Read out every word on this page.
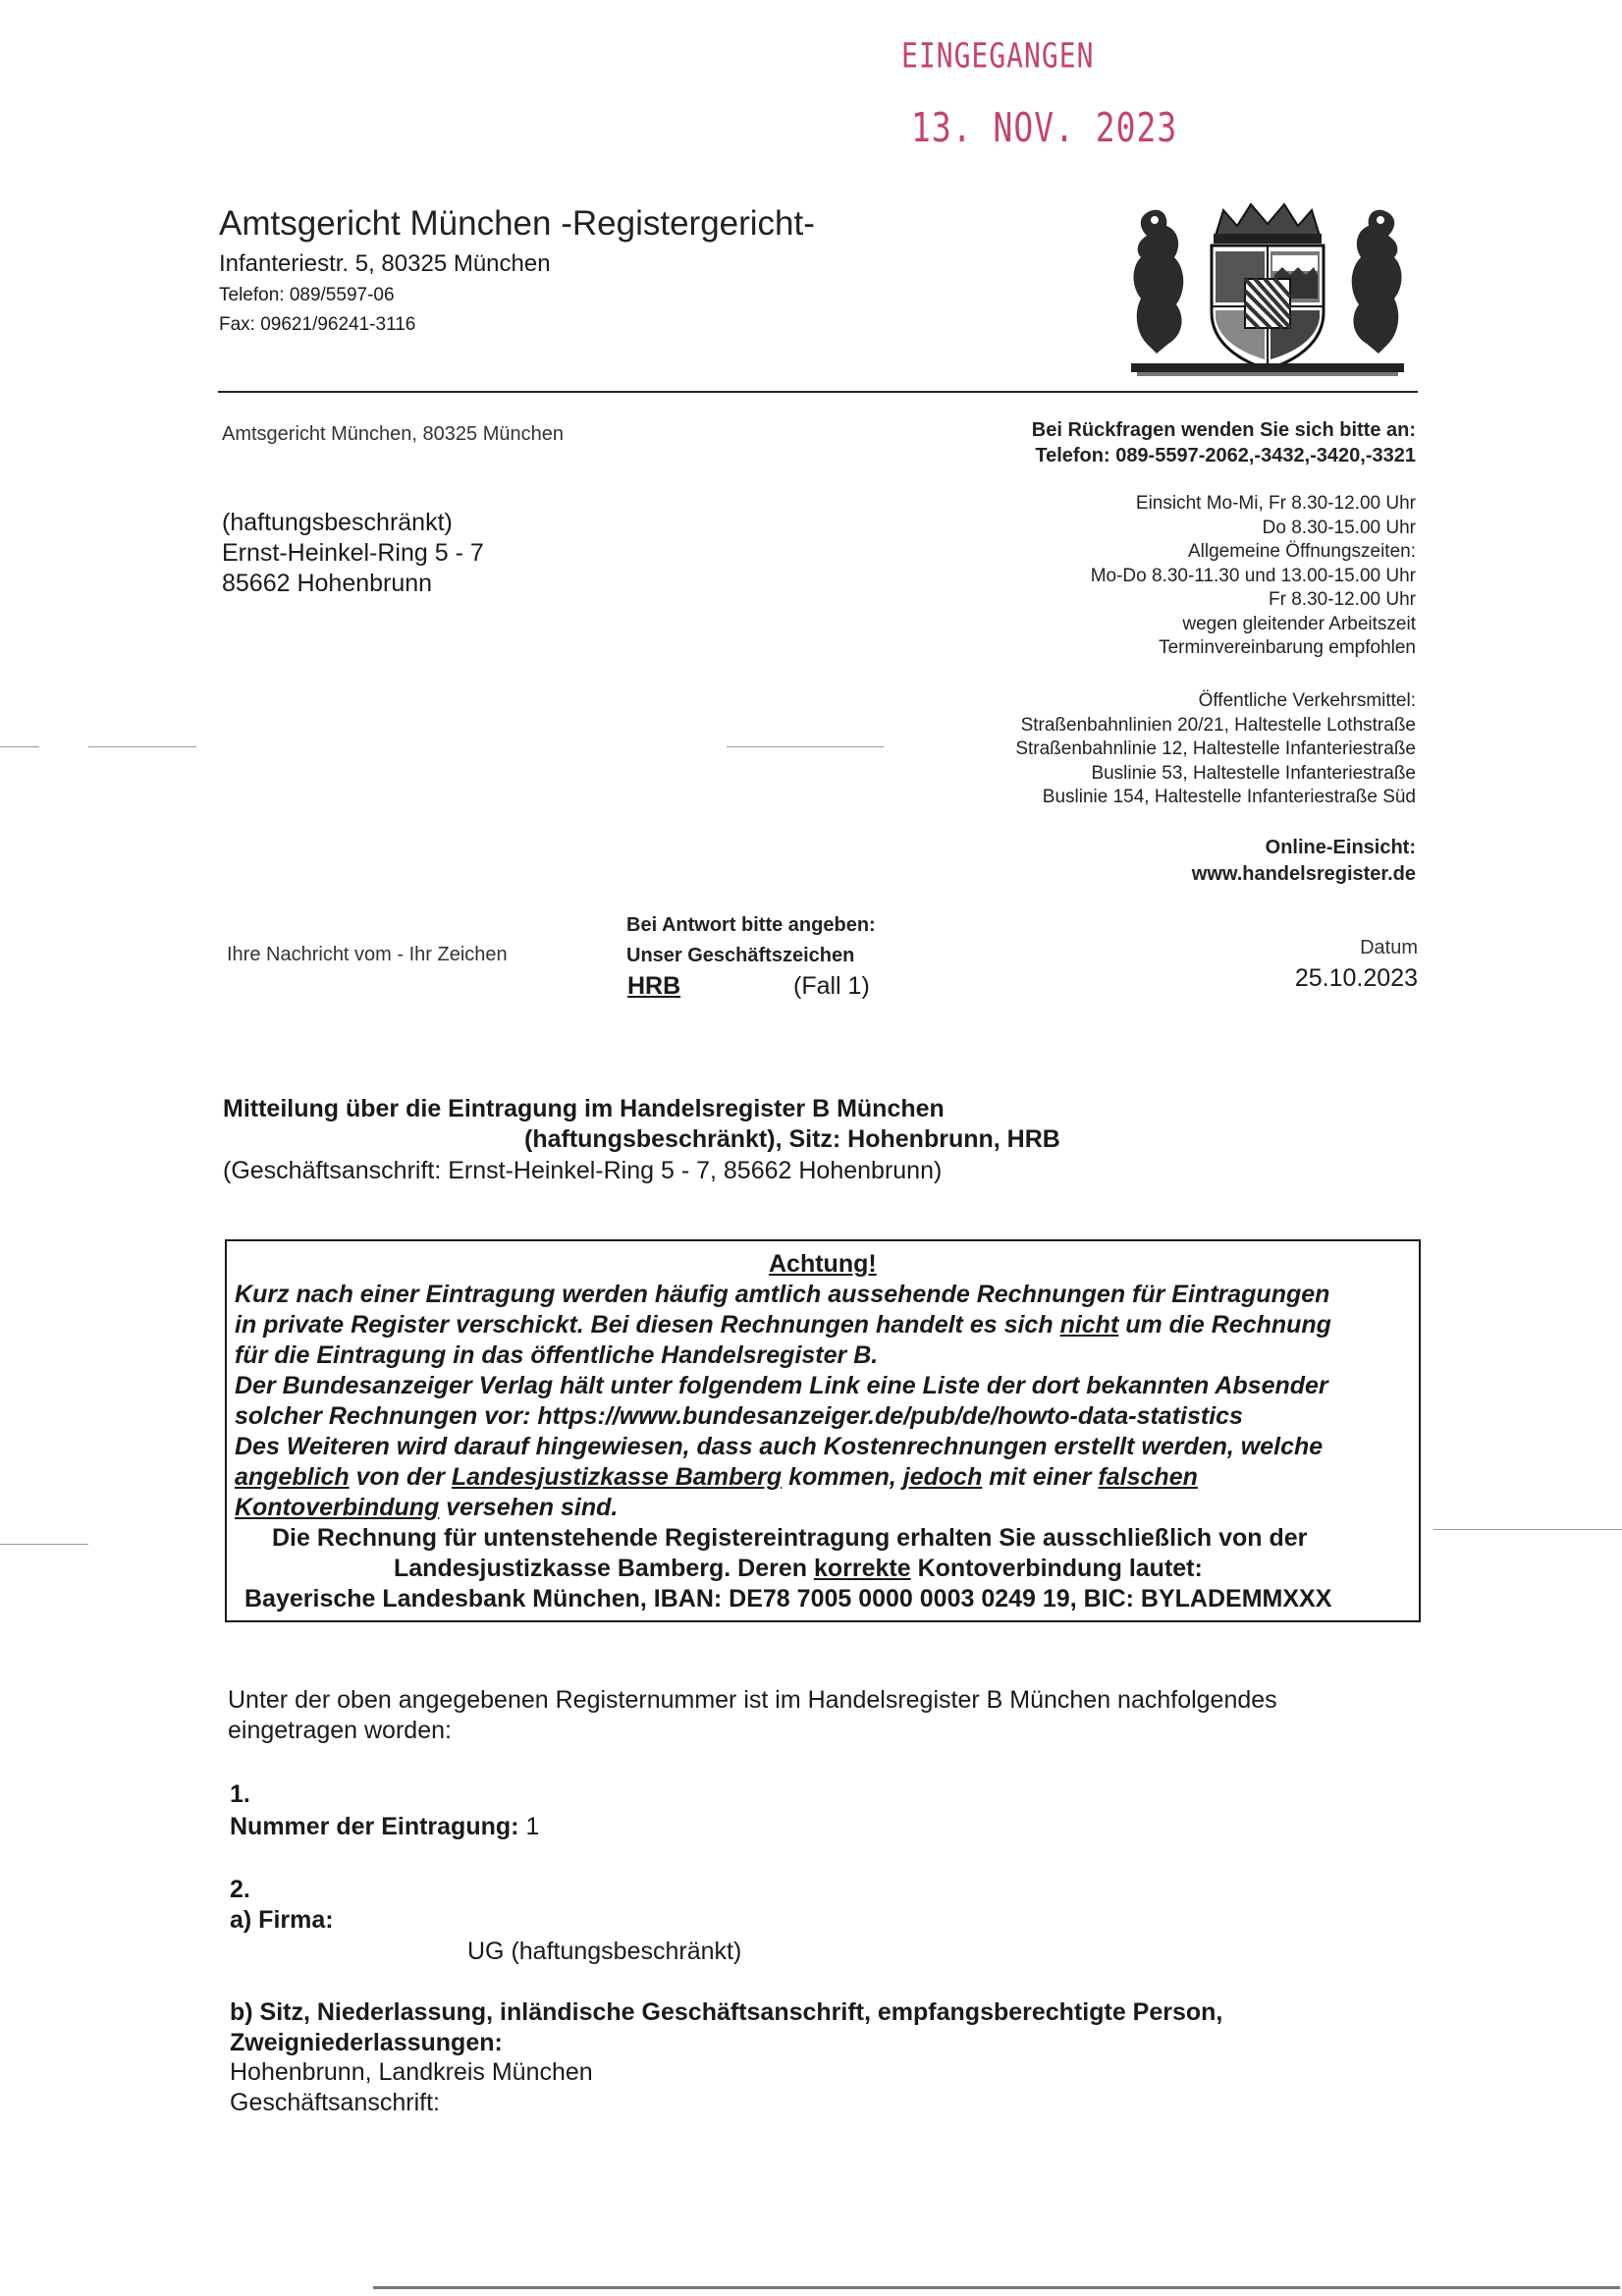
EINGEGANGEN
13. NOV. 2023
Amtsgericht München -Registergericht-
Infanteriestr. 5, 80325 München
Telefon: 089/5597-06
Fax: 09621/96241-3116
Amtsgericht München, 80325 München	Bei Rückfragen wenden Sie sich bitte an:
Telefon: 089-5597-2062,-3432,-3420,-3321
Einsicht Mo-Mi, Fr 8.30-12.00 Uhr
Do 8.30-15.00 Uhr
Allgemeine Öffnungszeiten:
Mo-Do 8.30-11.30 und 13.00-15.00 Uhr
Fr 8.30-12.00 Uhr
wegen gleitender Arbeitszeit
Terminvereinbarung empfohlen
Öffentliche Verkehrsmittel:
Straßenbahnlinien 20/21, Haltestelle Lothstraße
Straßenbahnlinie 12, Haltestelle Infanteriestraße
Buslinie 53, Haltestelle Infanteriestraße
Buslinie 154, Haltestelle Infanteriestraße Süd
Online-Einsicht:
www.handelsregister.de
(haftungsbeschränkt)
Ernst-Heinkel-Ring 5 - 7
85662 Hohenbrunn
Ihre Nachricht vom - Ihr Zeichen
Bei Antwort bitte angeben:
Unser Geschäftszeichen
HRB	(Fall 1)
Datum
25.10.2023
Mitteilung über die Eintragung im Handelsregister B München
(haftungsbeschränkt), Sitz: Hohenbrunn, HRB
(Geschäftsanschrift: Ernst-Heinkel-Ring 5 - 7, 85662 Hohenbrunn)
Achtung!
Kurz nach einer Eintragung werden häufig amtlich aussehende Rechnungen für Eintragungen
in private Register verschickt. Bei diesen Rechnungen handelt es sich nicht um die Rechnung
für die Eintragung in das öffentliche Handelsregister B.
Der Bundesanzeiger Verlag hält unter folgendem Link eine Liste der dort bekannten Absender
solcher Rechnungen vor: https://www.bundesanzeiger.de/pub/de/howto-data-statistics
Des Weiteren wird darauf hingewiesen, dass auch Kostenrechnungen erstellt werden, welche
angeblich von der Landesjustizkasse Bamberg kommen, jedoch mit einer falschen
Kontoverbindung versehen sind.
Die Rechnung für untenstehende Registereintragung erhalten Sie ausschließlich von der
Landesjustizkasse Bamberg. Deren korrekte Kontoverbindung lautet:
Bayerische Landesbank München, IBAN: DE78 7005 0000 0003 0249 19, BIC: BYLADEMMXXX
Unter der oben angegebenen Registernummer ist im Handelsregister B München nachfolgendes
eingetragen worden:
1.
Nummer der Eintragung: 1
2.
a) Firma:
UG (haftungsbeschränkt)
b) Sitz, Niederlassung, inländische Geschäftsanschrift, empfangsberechtigte Person,
Zweigniederlassungen:
Hohenbrunn, Landkreis München
Geschäftsanschrift:
